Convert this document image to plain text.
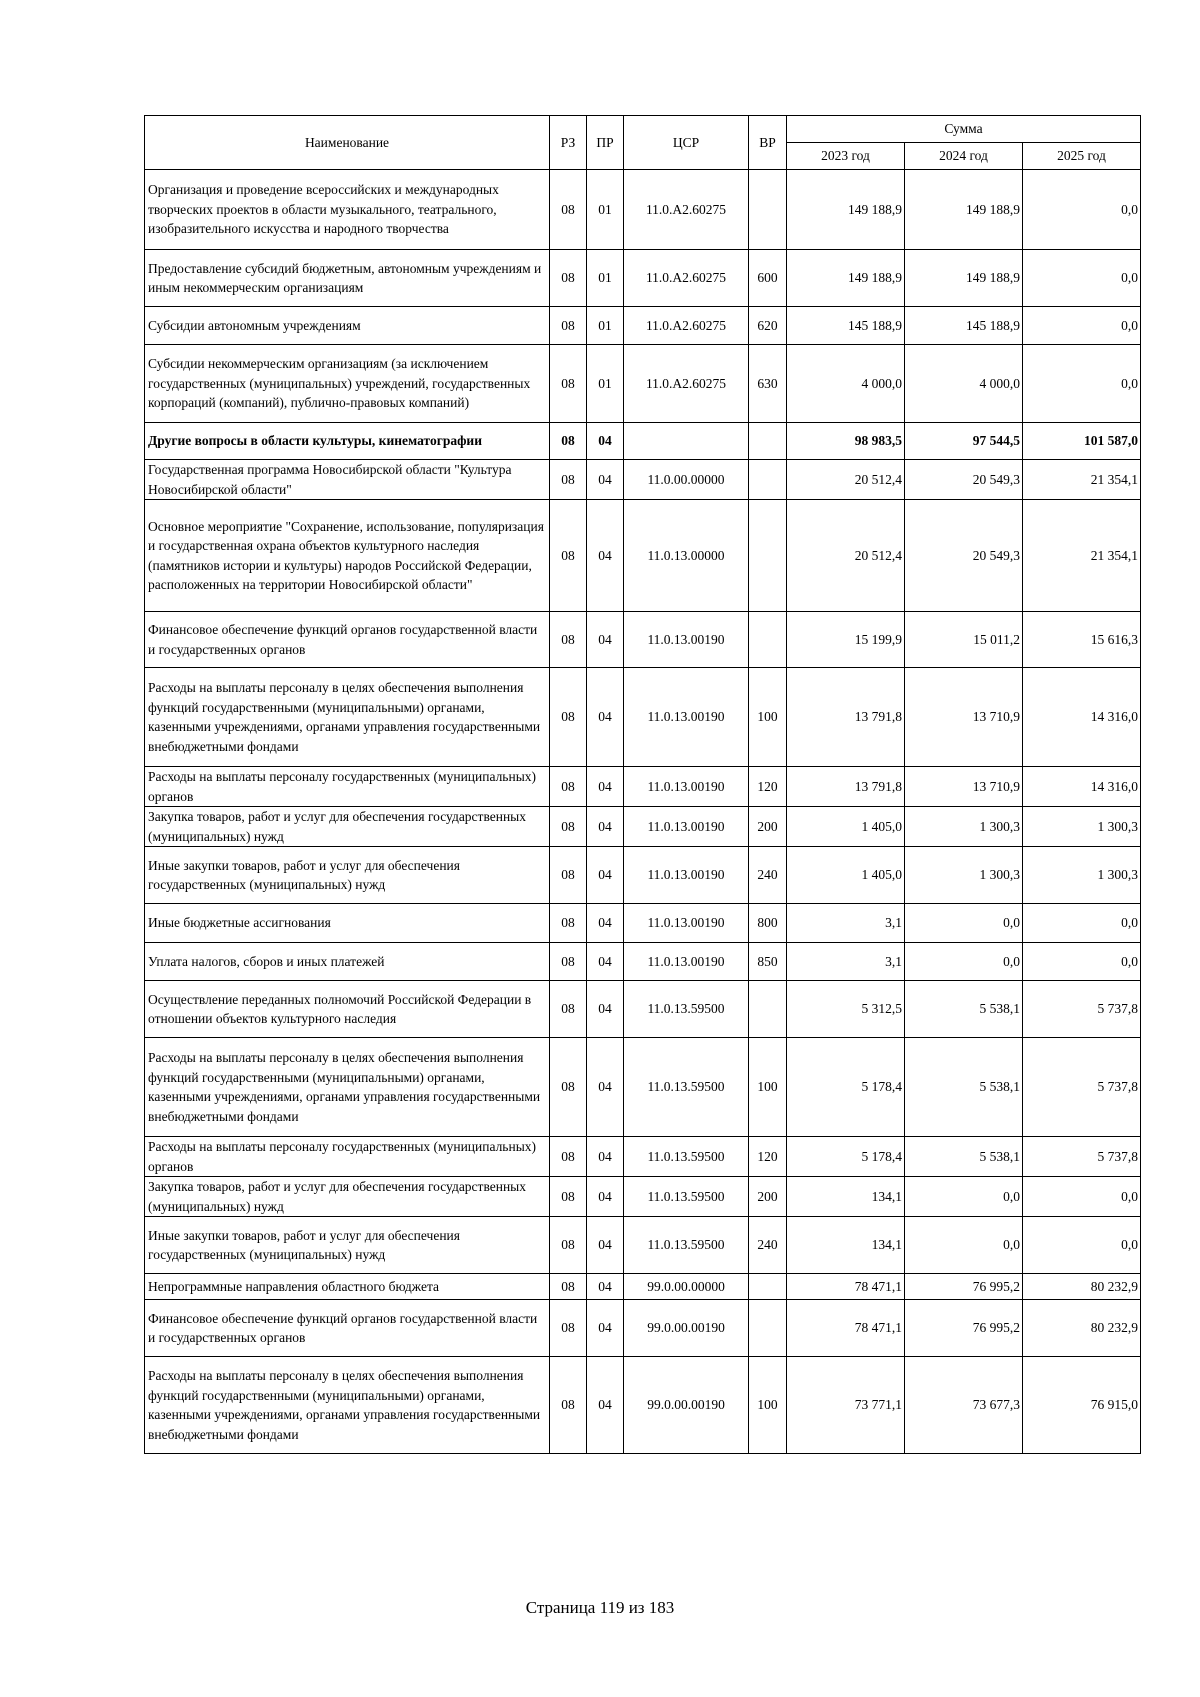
Наименование	РЗ	ПР	ЦСР	ВР	Сумма		
					2023 год	2024 год	2025 год
Организация и проведение всероссийских и международных творческих проектов в области музыкального, театрального, изобразительного искусства и народного творчества	08	01	11.0.А2.60275		149 188,9	149 188,9	0,0
Предоставление субсидий бюджетным, автономным учреждениям и иным некоммерческим организациям	08	01	11.0.А2.60275	600	149 188,9	149 188,9	0,0
Субсидии автономным учреждениям	08	01	11.0.А2.60275	620	145 188,9	145 188,9	0,0
Субсидии некоммерческим организациям (за исключением государственных (муниципальных) учреждений, государственных корпораций (компаний), публично-правовых компаний)	08	01	11.0.А2.60275	630	4 000,0	4 000,0	0,0
Другие вопросы в области культуры, кинематографии	08	04			98 983,5	97 544,5	101 587,0
Государственная программа Новосибирской области "Культура Новосибирской области"	08	04	11.0.00.00000		20 512,4	20 549,3	21 354,1
Основное мероприятие "Сохранение, использование, популяризация и государственная охрана объектов культурного наследия (памятников истории и культуры) народов Российской Федерации, расположенных на территории Новосибирской области"	08	04	11.0.13.00000		20 512,4	20 549,3	21 354,1
Финансовое обеспечение функций органов государственной власти и государственных органов	08	04	11.0.13.00190		15 199,9	15 011,2	15 616,3
Расходы на выплаты персоналу в целях обеспечения выполнения функций государственными (муниципальными) органами, казенными учреждениями, органами управления государственными внебюджетными фондами	08	04	11.0.13.00190	100	13 791,8	13 710,9	14 316,0
Расходы на выплаты персоналу государственных (муниципальных) органов	08	04	11.0.13.00190	120	13 791,8	13 710,9	14 316,0
Закупка товаров, работ и услуг для обеспечения государственных (муниципальных) нужд	08	04	11.0.13.00190	200	1 405,0	1 300,3	1 300,3
Иные закупки товаров, работ и услуг для обеспечения государственных (муниципальных) нужд	08	04	11.0.13.00190	240	1 405,0	1 300,3	1 300,3
Иные бюджетные ассигнования	08	04	11.0.13.00190	800	3,1	0,0	0,0
Уплата налогов, сборов и иных платежей	08	04	11.0.13.00190	850	3,1	0,0	0,0
Осуществление переданных полномочий Российской Федерации в отношении объектов культурного наследия	08	04	11.0.13.59500		5 312,5	5 538,1	5 737,8
Расходы на выплаты персоналу в целях обеспечения выполнения функций государственными (муниципальными) органами, казенными учреждениями, органами управления государственными внебюджетными фондами	08	04	11.0.13.59500	100	5 178,4	5 538,1	5 737,8
Расходы на выплаты персоналу государственных (муниципальных) органов	08	04	11.0.13.59500	120	5 178,4	5 538,1	5 737,8
Закупка товаров, работ и услуг для обеспечения государственных (муниципальных) нужд	08	04	11.0.13.59500	200	134,1	0,0	0,0
Иные закупки товаров, работ и услуг для обеспечения государственных (муниципальных) нужд	08	04	11.0.13.59500	240	134,1	0,0	0,0
Непрограммные направления областного бюджета	08	04	99.0.00.00000		78 471,1	76 995,2	80 232,9
Финансовое обеспечение функций органов государственной власти и государственных органов	08	04	99.0.00.00190		78 471,1	76 995,2	80 232,9
Расходы на выплаты персоналу в целях обеспечения выполнения функций государственными (муниципальными) органами, казенными учреждениями, органами управления государственными внебюджетными фондами	08	04	99.0.00.00190	100	73 771,1	73 677,3	76 915,0
Страница 119 из 183
